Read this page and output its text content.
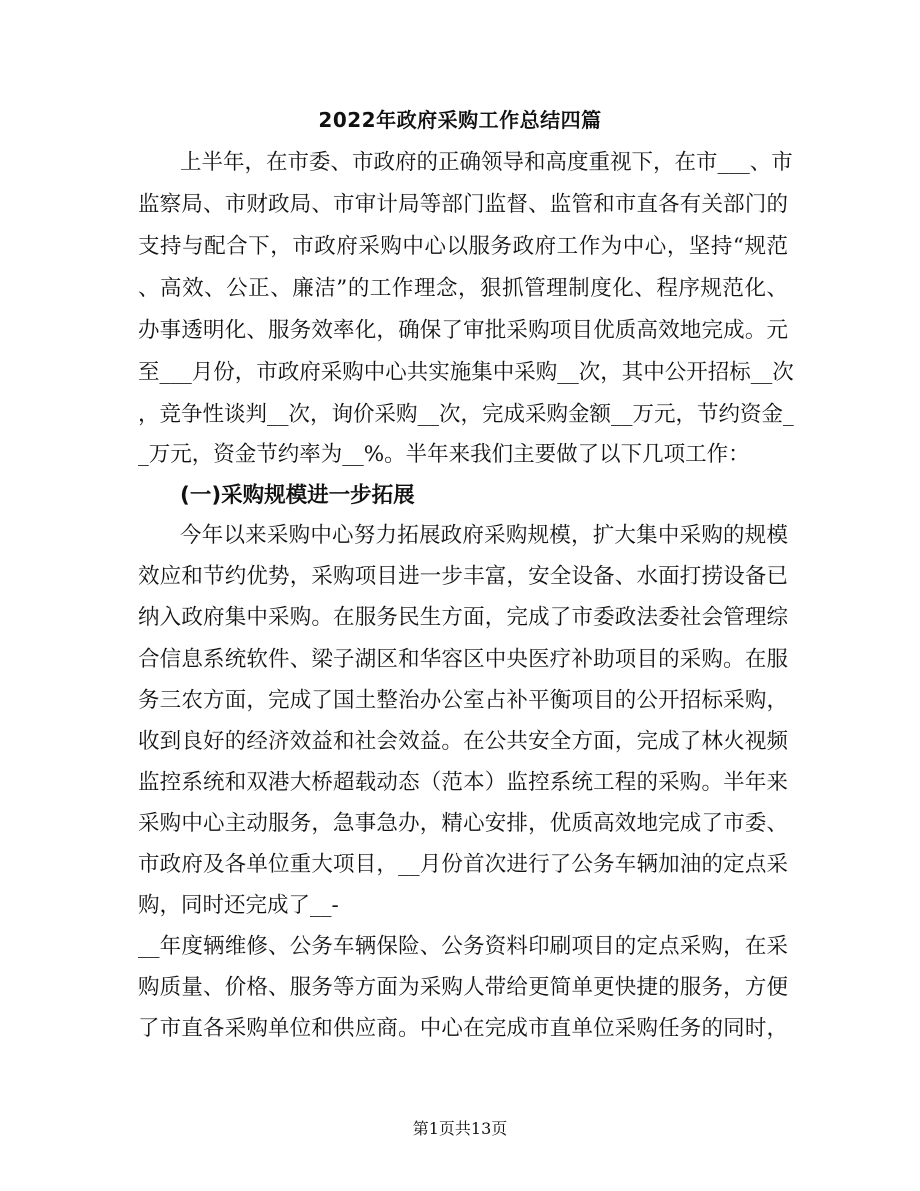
2022年政府采购工作总结四篇
上半年，在市委、市政府的正确领导和高度重视下，在市___、市
监察局、市财政局、市审计局等部门监督、监管和市直各有关部门的
支持与配合下，市政府采购中心以服务政府工作为中心，坚持“规范
、高效、公正、廉洁”的工作理念，狠抓管理制度化、程序规范化、
办事透明化、服务效率化，确保了审批采购项目优质高效地完成。元
至___月份，市政府采购中心共实施集中采购__次，其中公开招标__次
，竞争性谈判__次，询价采购__次，完成采购金额__万元，节约资金_
_万元，资金节约率为__%。半年来我们主要做了以下几项工作：
(一)采购规模进一步拓展
今年以来采购中心努力拓展政府采购规模，扩大集中采购的规模
效应和节约优势，采购项目进一步丰富，安全设备、水面打捞设备已
纳入政府集中采购。在服务民生方面，完成了市委政法委社会管理综
合信息系统软件、梁子湖区和华容区中央医疗补助项目的采购。在服
务三农方面，完成了国土整治办公室占补平衡项目的公开招标采购，
收到良好的经济效益和社会效益。在公共安全方面，完成了林火视频
监控系统和双港大桥超载动态（范本）监控系统工程的采购。半年来
采购中心主动服务，急事急办，精心安排，优质高效地完成了市委、
市政府及各单位重大项目，__月份首次进行了公务车辆加油的定点采
购，同时还完成了__-
__年度辆维修、公务车辆保险、公务资料印刷项目的定点采购，在采
购质量、价格、服务等方面为采购人带给更简单更快捷的服务，方便
了市直各采购单位和供应商。中心在完成市直单位采购任务的同时，
第1页共13页
